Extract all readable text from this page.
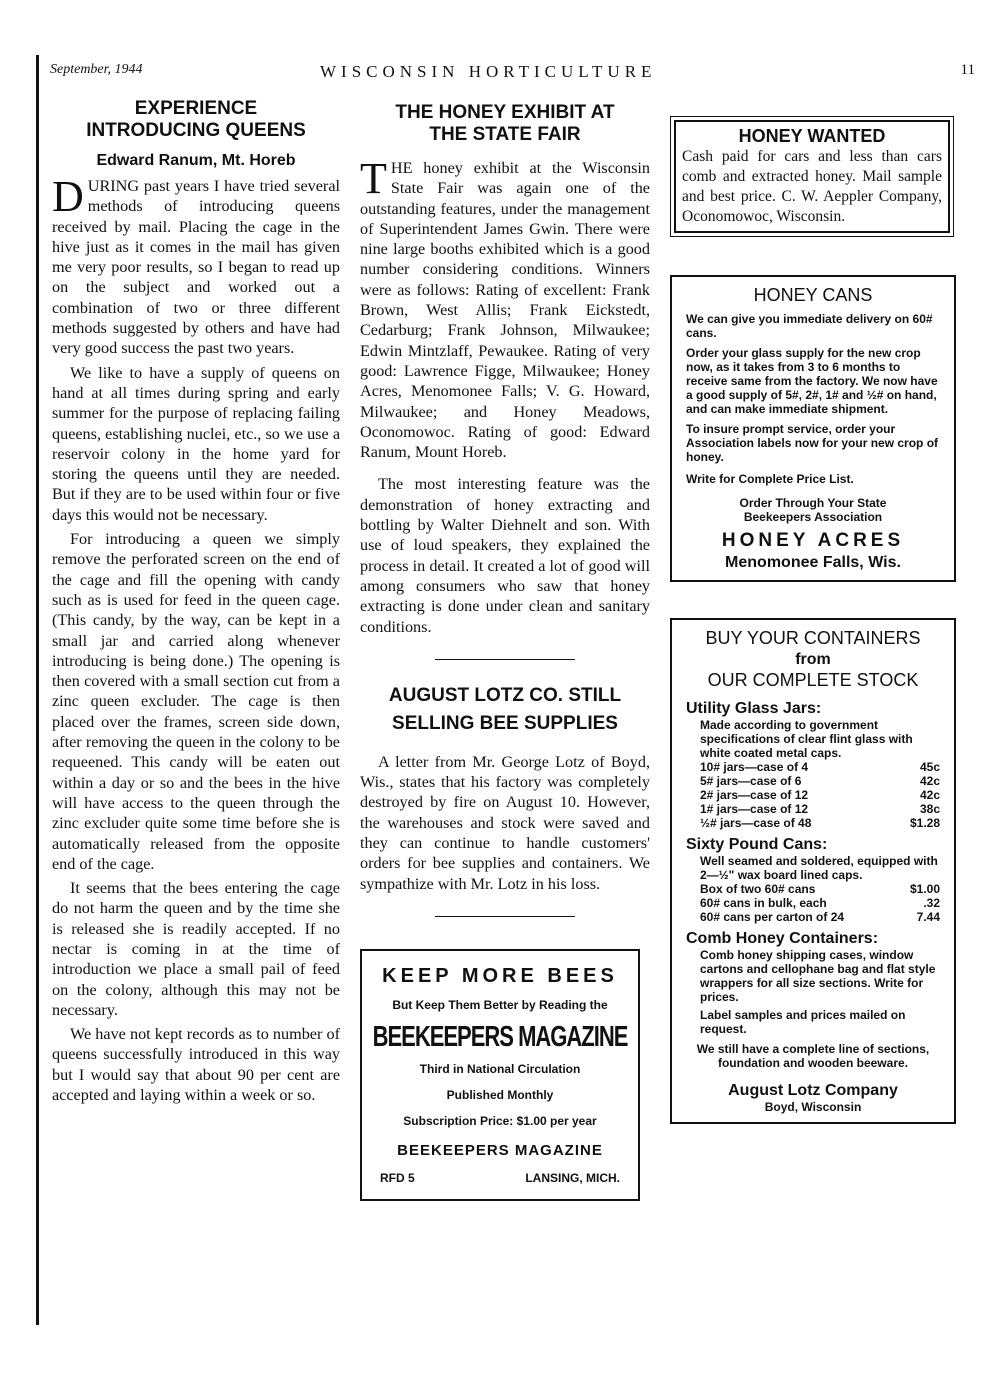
September, 1944	WISCONSIN HORTICULTURE	11
EXPERIENCE
INTRODUCING QUEENS
Edward Ranum, Mt. Horeb

DURING past years I have tried several methods of introducing queens received by mail. Placing the cage in the hive just as it comes in the mail has given me very poor results, so I began to read up on the subject and worked out a combination of two or three different methods suggested by others and have had very good success the past two years.

We like to have a supply of queens on hand at all times during spring and early summer for the purpose of replacing failing queens, establishing nuclei, etc., so we use a reservoir colony in the home yard for storing the queens until they are needed. But if they are to be used within four or five days this would not be necessary.

For introducing a queen we simply remove the perforated screen on the end of the cage and fill the opening with candy such as is used for feed in the queen cage. (This candy, by the way, can be kept in a small jar and carried along whenever introducing is being done.) The opening is then covered with a small section cut from a zinc queen excluder. The cage is then placed over the frames, screen side down, after removing the queen in the colony to be requeened. This candy will be eaten out within a day or so and the bees in the hive will have access to the queen through the zinc excluder quite some time before she is automatically released from the opposite end of the cage.

It seems that the bees entering the cage do not harm the queen and by the time she is released she is readily accepted. If no nectar is coming in at the time of introduction we place a small pail of feed on the colony, although this may not be necessary.

We have not kept records as to number of queens successfully introduced in this way but I would say that about 90 per cent are accepted and laying within a week or so.

THE HONEY EXHIBIT AT
THE STATE FAIR

THE honey exhibit at the Wisconsin State Fair was again one of the outstanding features, under the management of Superintendent James Gwin. There were nine large booths exhibited which is a good number considering conditions. Winners were as follows: Rating of excellent: Frank Brown, West Allis; Frank Eickstedt, Cedarburg; Frank Johnson, Milwaukee; Edwin Mintzlaff, Pewaukee. Rating of very good: Lawrence Figge, Milwaukee; Honey Acres, Menomonee Falls; V. G. Howard, Milwaukee; and Honey Meadows, Oconomowoc. Rating of good: Edward Ranum, Mount Horeb.

The most interesting feature was the demonstration of honey extracting and bottling by Walter Diehnelt and son. With use of loud speakers, they explained the process in detail. It created a lot of good will among consumers who saw that honey extracting is done under clean and sanitary conditions.

AUGUST LOTZ CO. STILL
SELLING BEE SUPPLIES

A letter from Mr. George Lotz of Boyd, Wis., states that his factory was completely destroyed by fire on August 10. However, the warehouses and stock were saved and they can continue to handle customers' orders for bee supplies and containers. We sympathize with Mr. Lotz in his loss.

KEEP MORE BEES
But Keep Them Better by Reading the
BEEKEEPERS MAGAZINE
Third in National Circulation
Published Monthly
Subscription Price: $1.00 per year
BEEKEEPERS MAGAZINE
RFD 5	LANSING, MICH.
HONEY WANTED
Cash paid for cars and less than cars comb and extracted honey. Mail sample and best price. C. W. Aeppler Company, Oconomowoc, Wisconsin.
HONEY CANS
We can give you immediate delivery on 60# cans.
Order your glass supply for the new crop now, as it takes from 3 to 6 months to receive same from the factory. We now have a good supply of 5#, 2#, 1# and ½# on hand, and can make immediate shipment.
To insure prompt service, order your Association labels now for your new crop of honey.
Write for Complete Price List.
Order Through Your State Beekeepers Association
HONEY ACRES
Menomonee Falls, Wis.
BUY YOUR CONTAINERS
from
OUR COMPLETE STOCK
Utility Glass Jars:
Made according to government specifications of clear flint glass with white coated metal caps.
10# jars—case of 4	45c
5# jars—case of 6	42c
2# jars—case of 12	42c
1# jars—case of 12	38c
½# jars—case of 48	$1.28
Sixty Pound Cans:
Well seamed and soldered, equipped with 2—½" wax board lined caps.
Box of two 60# cans	$1.00
60# cans in bulk, each	.32
60# cans per carton of 24	7.44
Comb Honey Containers:
Comb honey shipping cases, window cartons and cellophane bag and flat style wrappers for all size sections. Write for prices.
Label samples and prices mailed on request.
We still have a complete line of sections, foundation and wooden beeware.
August Lotz Company
Boyd, Wisconsin
